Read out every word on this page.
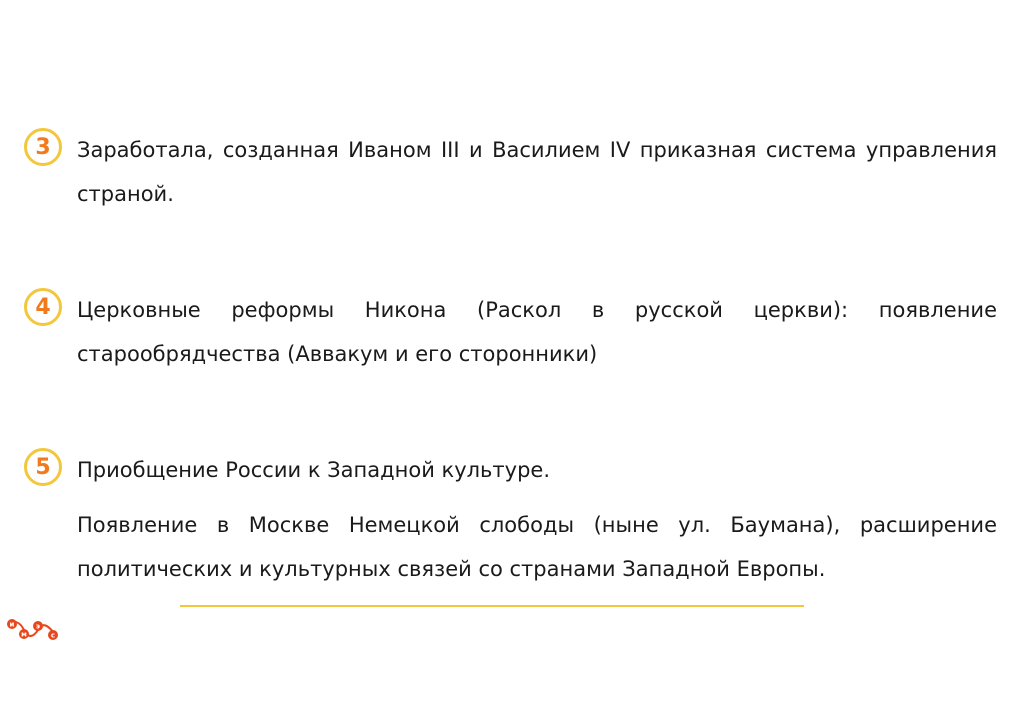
3	Заработала, созданная Иваном III и Василием IV приказная система управления страной.

4	Церковные реформы Никона (Раскол в русской церкви): появление старообрядчества (Аввакум и его сторонники)

5	Приобщение России к Западной культуре.

Появление в Москве Немецкой слободы (ныне ул. Баумана), расширение политических и культурных связей со странами Западной Европы.

и
м
э
с
